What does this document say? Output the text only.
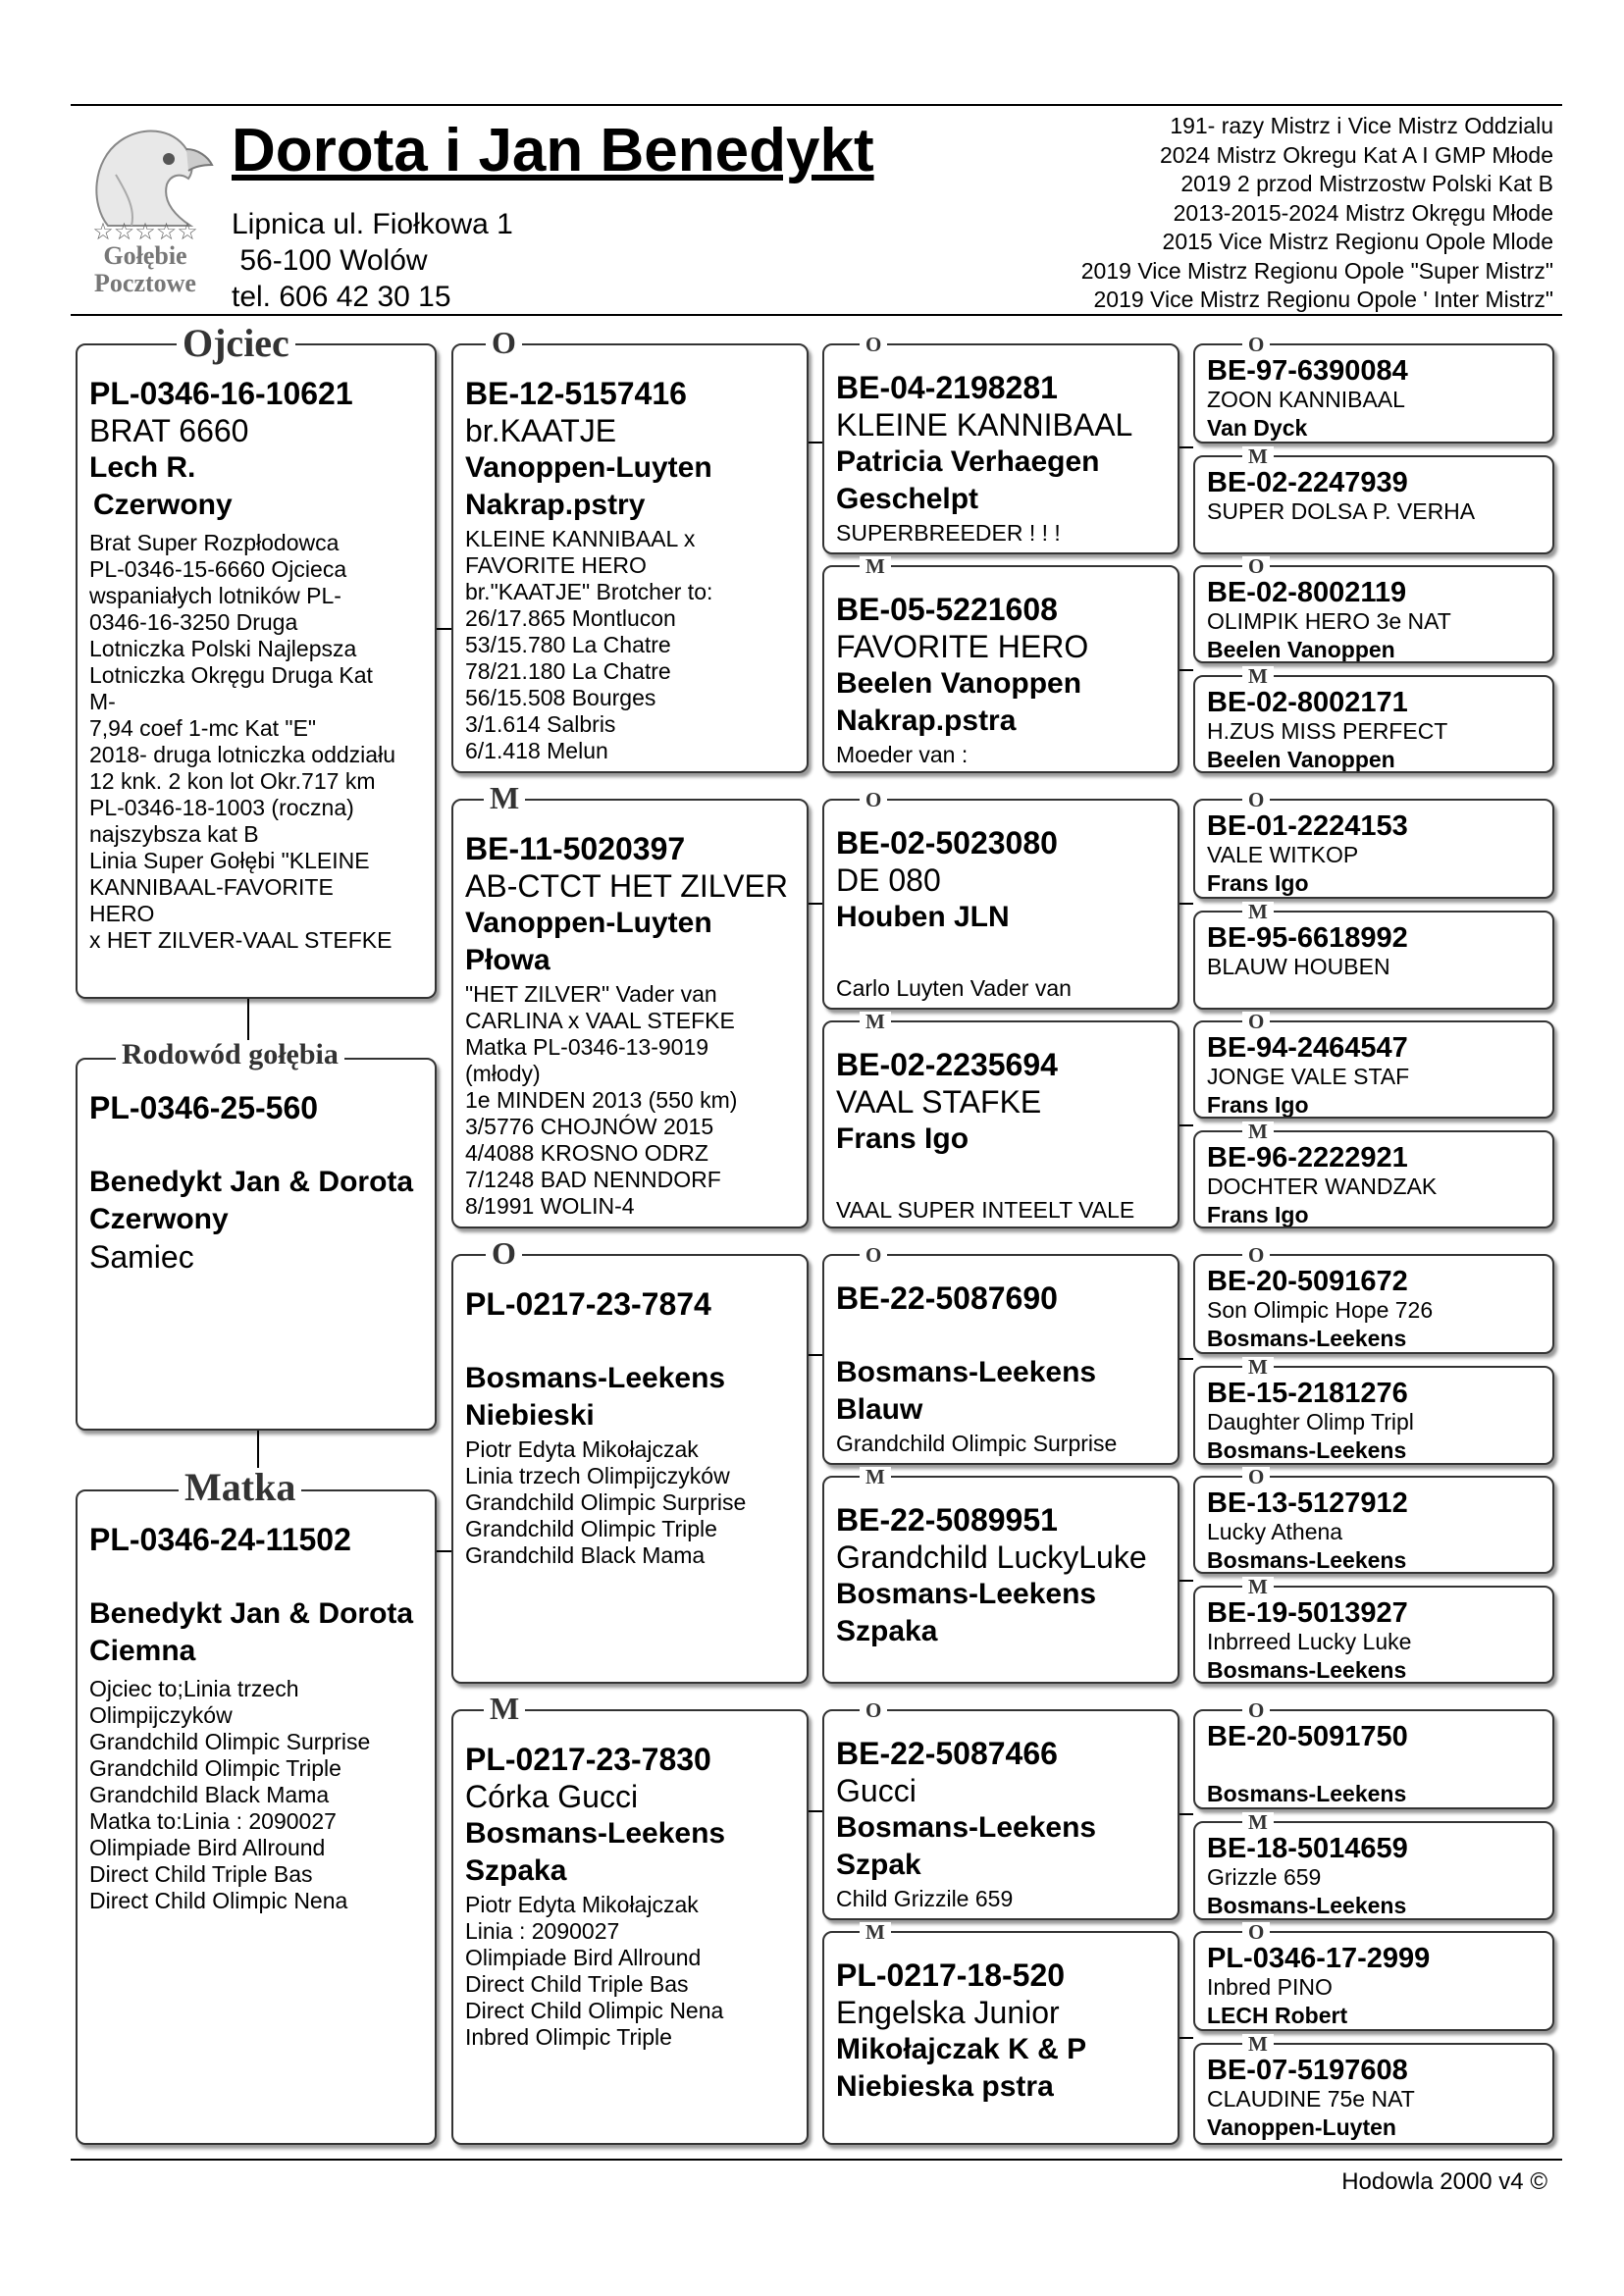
☆☆☆☆☆
Gołębie
Pocztowe
Dorota i Jan Benedykt
Lipnica ul. Fiołkowa 1
56-100 Wolów
tel. 606 42 30 15
191- razy Mistrz i Vice Mistrz Oddzialu
2024 Mistrz Okregu Kat A I GMP Młode
2019 2 przod Mistrzostw Polski Kat B
2013-2015-2024 Mistrz Okręgu Młode
2015 Vice Mistrz Regionu Opole Mlode
2019 Vice Mistrz Regionu Opole "Super Mistrz"
2019 Vice Mistrz Regionu Opole ' Inter Mistrz"
PL-0346-16-10621
BRAT 6660
Lech R.
Czerwony
Brat Super Rozpłodowca
PL-0346-15-6660 Ojcieca
wspaniałych lotników PL-
0346-16-3250 Druga
Lotniczka Polski Najlepsza
Lotniczka Okręgu Druga Kat
M-
7,94 coef 1-mc Kat "E"
2018- druga lotniczka oddziału
12 knk. 2 kon lot Okr.717 km
PL-0346-18-1003 (roczna)
najszybsza kat B
Linia Super Gołębi "KLEINE
KANNIBAAL-FAVORITE
HERO
x HET ZILVER-VAAL STEFKE
Ojciec
PL-0346-25-560
Benedykt Jan & Dorota
Czerwony
Samiec
Rodowód gołębia
PL-0346-24-11502
Benedykt Jan & Dorota
Ciemna
Ojciec to;Linia trzech
Olimpijczyków
Grandchild Olimpic Surprise
Grandchild Olimpic Triple
Grandchild Black Mama
Matka to:Linia : 2090027
Olimpiade Bird Allround
Direct Child Triple Bas
Direct Child Olimpic Nena
Matka
BE-12-5157416
br.KAATJE
Vanoppen-Luyten
Nakrap.pstry
KLEINE KANNIBAAL x
FAVORITE HERO
br."KAATJE" Brotcher to:
26/17.865 Montlucon
53/15.780 La Chatre
78/21.180 La Chatre
56/15.508 Bourges
3/1.614 Salbris
6/1.418 Melun
O
BE-11-5020397
AB-CTCT HET ZILVER
Vanoppen-Luyten
Płowa
"HET ZILVER" Vader van
CARLINA x VAAL STEFKE
Matka PL-0346-13-9019
(młody)
1e MINDEN 2013 (550 km)
3/5776 CHOJNÓW 2015
4/4088 KROSNO ODRZ
7/1248 BAD NENNDORF
8/1991 WOLIN-4
M
PL-0217-23-7874
Bosmans-Leekens
Niebieski
Piotr Edyta Mikołajczak
Linia trzech Olimpijczyków
Grandchild Olimpic Surprise
Grandchild Olimpic Triple
Grandchild Black Mama
O
PL-0217-23-7830
Córka Gucci
Bosmans-Leekens
Szpaka
Piotr Edyta Mikołajczak
Linia : 2090027
Olimpiade Bird Allround
Direct Child Triple Bas
Direct Child Olimpic Nena
Inbred Olimpic Triple
M
BE-04-2198281
KLEINE KANNIBAAL
Patricia Verhaegen
Geschelpt
SUPERBREEDER ! ! !
O
BE-05-5221608
FAVORITE HERO
Beelen Vanoppen
Nakrap.pstra
Moeder van :
M
BE-02-5023080
DE 080
Houben JLN
Carlo Luyten Vader van
O
BE-02-2235694
VAAL STAFKE
Frans Igo
VAAL SUPER INTEELT VALE
M
BE-22-5087690
Bosmans-Leekens
Blauw
Grandchild Olimpic Surprise
O
BE-22-5089951
Grandchild LuckyLuke
Bosmans-Leekens
Szpaka
M
BE-22-5087466
Gucci
Bosmans-Leekens
Szpak
Child Grizzile 659
O
PL-0217-18-520
Engelska Junior
Mikołajczak K & P
Niebieska pstra
M
BE-97-6390084
ZOON KANNIBAAL
Van Dyck
O
BE-02-2247939
SUPER DOLSA P. VERHA
M
BE-02-8002119
OLIMPIK HERO 3e NAT
Beelen Vanoppen
O
BE-02-8002171
H.ZUS MISS PERFECT
Beelen Vanoppen
M
BE-01-2224153
VALE WITKOP
Frans Igo
O
BE-95-6618992
BLAUW HOUBEN
M
BE-94-2464547
JONGE VALE STAF
Frans Igo
O
BE-96-2222921
DOCHTER WANDZAK
Frans Igo
M
BE-20-5091672
Son Olimpic Hope 726
Bosmans-Leekens
O
BE-15-2181276
Daughter Olimp Tripl
Bosmans-Leekens
M
BE-13-5127912
Lucky Athena
Bosmans-Leekens
O
BE-19-5013927
Inbrreed Lucky Luke
Bosmans-Leekens
M
BE-20-5091750
Bosmans-Leekens
O
BE-18-5014659
Grizzle 659
Bosmans-Leekens
M
PL-0346-17-2999
Inbred PINO
LECH Robert
O
BE-07-5197608
CLAUDINE 75e NAT
Vanoppen-Luyten
M
Hodowla 2000 v4 ©
